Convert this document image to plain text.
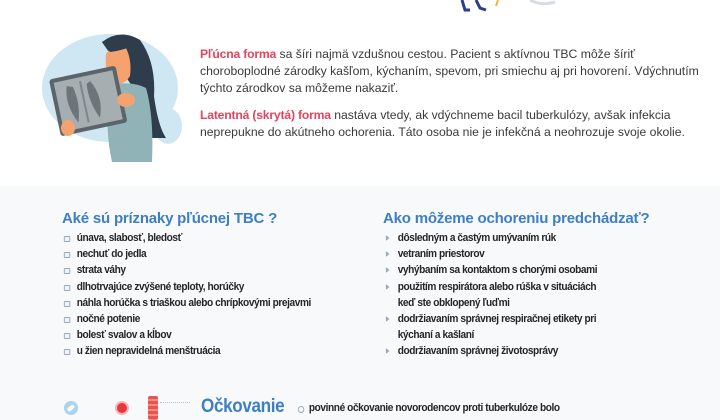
Pľúcna forma sa šíri najmä vzdušnou cestou. Pacient s aktívnou TBC môže šíriť choroboplodné zárodky kašľom, kýchaním, spevom, pri smiechu aj pri hovorení. Vdýchnutím týchto zárodkov sa môžeme nakaziť.

Latentná (skrytá) forma nastáva vtedy, ak vdýchneme bacil tuberkulózy, avšak infekcia neprepukne do akútneho ochorenia. Táto osoba nie je infekčná a neohrozuje svoje okolie.

Aké sú príznaky pľúcnej TBC ?
únava, slabosť, bledosť
nechuť do jedla
strata váhy
dlhotrvajúce zvýšené teploty, horúčky
náhla horúčka s triaškou alebo chrípkovými prejavmi
nočné potenie
bolesť svalov a kĺbov
u žien nepravidelná menštruácia
Ako môžeme ochoreniu predchádzať?
dôsledným a častým umývaním rúk
vetraním priestorov
vyhýbaním sa kontaktom s chorými osobami
použitím respirátora alebo rúška v situáciách
keď ste obklopený ľuďmi
dodržiavaním správnej respiračnej etikety pri
kýchaní a kašlaní
dodržiavaním správnej životosprávy
Očkovanie	povinné očkovanie novorodencov proti tuberkulóze bolo
